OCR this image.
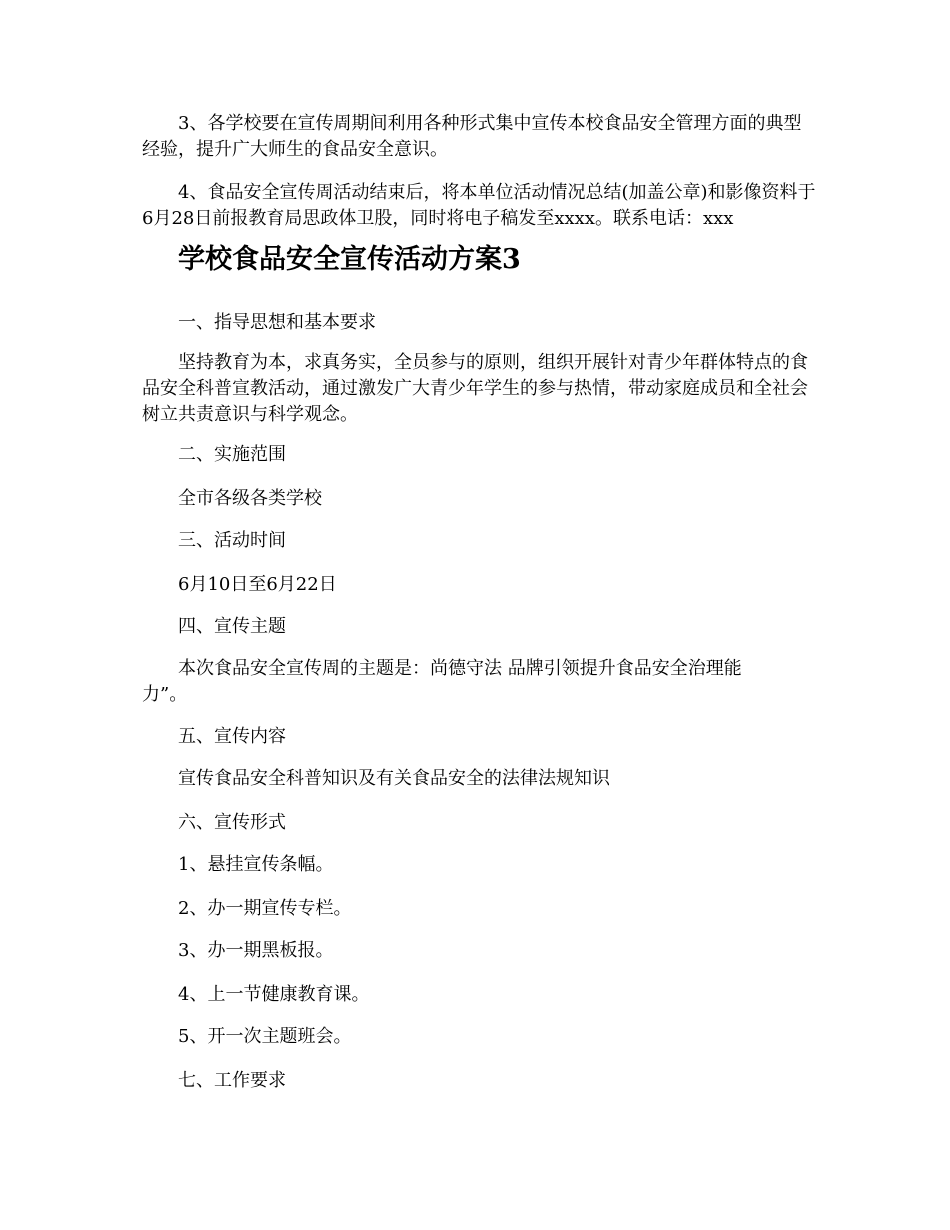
3、各学校要在宣传周期间利用各种形式集中宣传本校食品安全管理方面的典型经验，提升广大师生的食品安全意识。

4、食品安全宣传周活动结束后，将本单位活动情况总结(加盖公章)和影像资料于6月28日前报教育局思政体卫股，同时将电子稿发至xxxx。联系电话：xxx

学校食品安全宣传活动方案3

一、指导思想和基本要求

坚持教育为本，求真务实，全员参与的原则，组织开展针对青少年群体特点的食品安全科普宣教活动，通过激发广大青少年学生的参与热情，带动家庭成员和全社会树立共责意识与科学观念。

二、实施范围

全市各级各类学校

三、活动时间

6月10日至6月22日

四、宣传主题

本次食品安全宣传周的主题是：尚德守法 品牌引领提升食品安全治理能力”。

五、宣传内容

宣传食品安全科普知识及有关食品安全的法律法规知识

六、宣传形式

1、悬挂宣传条幅。

2、办一期宣传专栏。

3、办一期黑板报。

4、上一节健康教育课。

5、开一次主题班会。

七、工作要求
